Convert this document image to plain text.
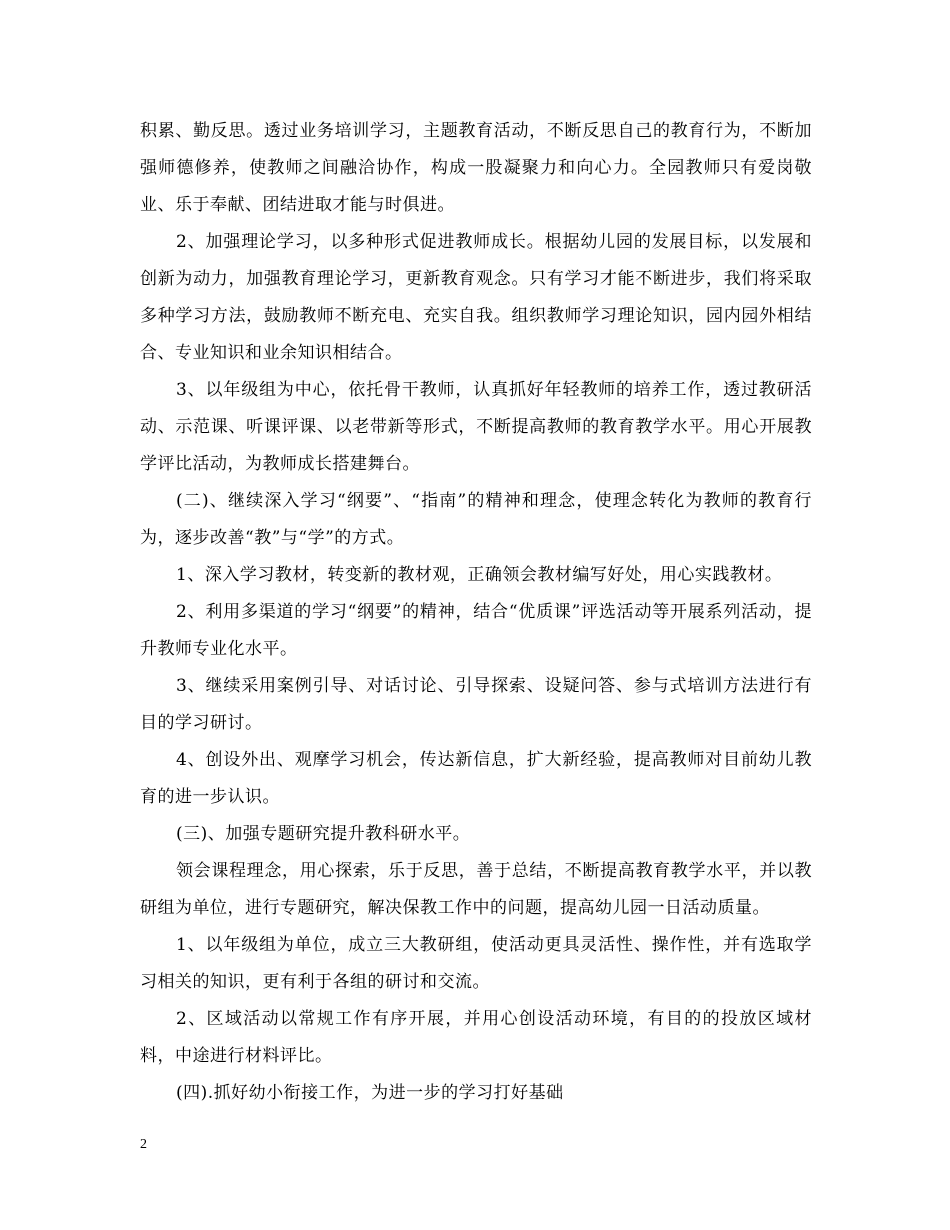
积累、勤反思。透过业务培训学习，主题教育活动，不断反思自己的教育行为，不断加强师德修养，使教师之间融洽协作，构成一股凝聚力和向心力。全园教师只有爱岗敬业、乐于奉献、团结进取才能与时俱进。

2、加强理论学习，以多种形式促进教师成长。根据幼儿园的发展目标，以发展和创新为动力，加强教育理论学习，更新教育观念。只有学习才能不断进步，我们将采取多种学习方法，鼓励教师不断充电、充实自我。组织教师学习理论知识，园内园外相结合、专业知识和业余知识相结合。

3、以年级组为中心，依托骨干教师，认真抓好年轻教师的培养工作，透过教研活动、示范课、听课评课、以老带新等形式，不断提高教师的教育教学水平。用心开展教学评比活动，为教师成长搭建舞台。

(二)、继续深入学习“纲要”、“指南”的精神和理念，使理念转化为教师的教育行为，逐步改善“教”与“学”的方式。

1、深入学习教材，转变新的教材观，正确领会教材编写好处，用心实践教材。

2、利用多渠道的学习“纲要”的精神，结合“优质课”评选活动等开展系列活动，提升教师专业化水平。

3、继续采用案例引导、对话讨论、引导探索、设疑问答、参与式培训方法进行有目的学习研讨。

4、创设外出、观摩学习机会，传达新信息，扩大新经验，提高教师对目前幼儿教育的进一步认识。

(三)、加强专题研究提升教科研水平。

领会课程理念，用心探索，乐于反思，善于总结，不断提高教育教学水平，并以教研组为单位，进行专题研究，解决保教工作中的问题，提高幼儿园一日活动质量。

1、以年级组为单位，成立三大教研组，使活动更具灵活性、操作性，并有选取学习相关的知识，更有利于各组的研讨和交流。

2、区域活动以常规工作有序开展，并用心创设活动环境，有目的的投放区域材料，中途进行材料评比。

(四).抓好幼小衔接工作，为进一步的学习打好基础

2
